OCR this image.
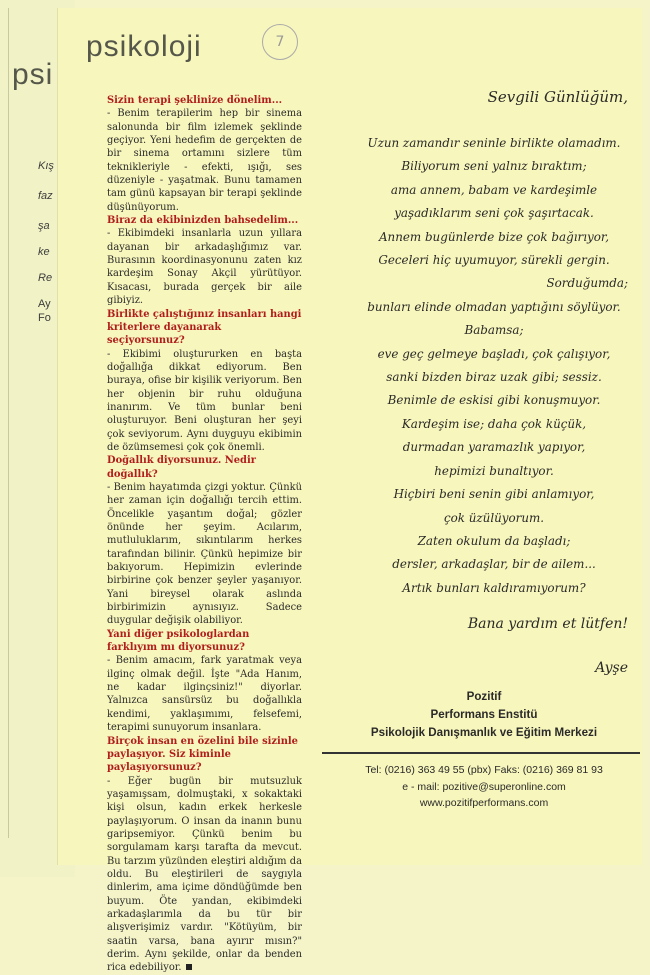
psi
Kış
faz
şa
ke
Re
Ay
Fo
psikoloji	7

Sizin terapi şeklinize dönelim...

- Benim terapilerim hep bir sinema salonunda bir film izlemek şeklinde geçiyor. Yeni hedefim de gerçekten de bir sinema ortamını sizlere tüm teknikleriyle - efekti, ışığı, ses düzeniyle - yaşatmak. Bunu tamamen tam günü kapsayan bir terapi şeklinde düşünüyorum.

Biraz da ekibinizden bahsedelim...

- Ekibimdeki insanlarla uzun yıllara dayanan bir arkadaşlığımız var. Burasının koordinasyonunu zaten kız kardeşim Sonay Akçil yürütüyor. Kısacası, burada gerçek bir aile gibiyiz.

Birlikte çalıştığınız insanları hangi kriterlere dayanarak seçiyorsunuz?

- Ekibimi oluştururken en başta doğallığa dikkat ediyorum. Ben buraya, ofise bir kişilik veriyorum. Ben her objenin bir ruhu olduğuna inanırım. Ve tüm bunlar beni oluşturuyor. Beni oluşturan her şeyi çok seviyorum. Aynı duyguyu ekibimin de özümsemesi çok çok önemli.

Doğallık diyorsunuz. Nedir doğallık?

- Benim hayatımda çizgi yoktur. Çünkü her zaman için doğallığı tercih ettim. Öncelikle yaşantım doğal; gözler önünde her şeyim. Acılarım, mutluluklarım, sıkıntılarım herkes tarafından bilinir. Çünkü hepimize bir bakıyorum. Hepimizin evlerinde birbirine çok benzer şeyler yaşanıyor. Yani bireysel olarak aslında birbirimizin aynısıyız. Sadece duygular değişik olabiliyor.

Yani diğer psikologlardan farklıyım mı diyorsunuz?

- Benim amacım, fark yaratmak veya ilginç olmak değil. İşte "Ada Hanım, ne kadar ilginçsiniz!" diyorlar. Yalnızca sansürsüz bu doğallıkla kendimi, yaklaşımımı, felsefemi, terapimi sunuyorum insanlara.

Birçok insan en özelini bile sizinle paylaşıyor. Siz kiminle paylaşıyorsunuz?

- Eğer bugün bir mutsuzluk yaşamışsam, dolmuştaki, x sokaktaki kişi olsun, kadın erkek herkesle paylaşıyorum. O insan da inanın bunu garipsemiyor. Çünkü benim bu sorgulamam karşı tarafta da mevcut. Bu tarzım yüzünden eleştiri aldığım da oldu. Bu eleştirileri de saygıyla dinlerim, ama içime döndüğümde ben buyum. Öte yandan, ekibimdeki arkadaşlarımla da bu tür bir alışverişimiz vardır. "Kötüyüm, bir saatin varsa, bana ayırır mısın?" derim. Aynı şekilde, onlar da benden rica edebiliyor.

Sevgili Günlüğüm,
Uzun zamandır seninle birlikte olamadım.
Biliyorum seni yalnız bıraktım;
ama annem, babam ve kardeşimle
yaşadıklarım seni çok şaşırtacak.
Annem bugünlerde bize çok bağırıyor,
Geceleri hiç uyumuyor, sürekli gergin.
Sorduğumda;
bunları elinde olmadan yaptığını söylüyor.
Babamsa;
eve geç gelmeye başladı, çok çalışıyor,
sanki bizden biraz uzak gibi; sessiz.
Benimle de eskisi gibi konuşmuyor.
Kardeşim ise; daha çok küçük,
durmadan yaramazlık yapıyor,
hepimizi bunaltıyor.
Hiçbiri beni senin gibi anlamıyor,
çok üzülüyorum.
Zaten okulum da başladı;
dersler, arkadaşlar, bir de ailem...
Artık bunları kaldıramıyorum?
Bana yardım et lütfen!
Ayşe
Pozitif
Performans Enstitü
Psikolojik Danışmanlık ve Eğitim Merkezi
Tel: (0216) 363 49 55 (pbx) Faks: (0216) 369 81 93
e - mail: pozitive@superonline.com
www.pozitifperformans.com
